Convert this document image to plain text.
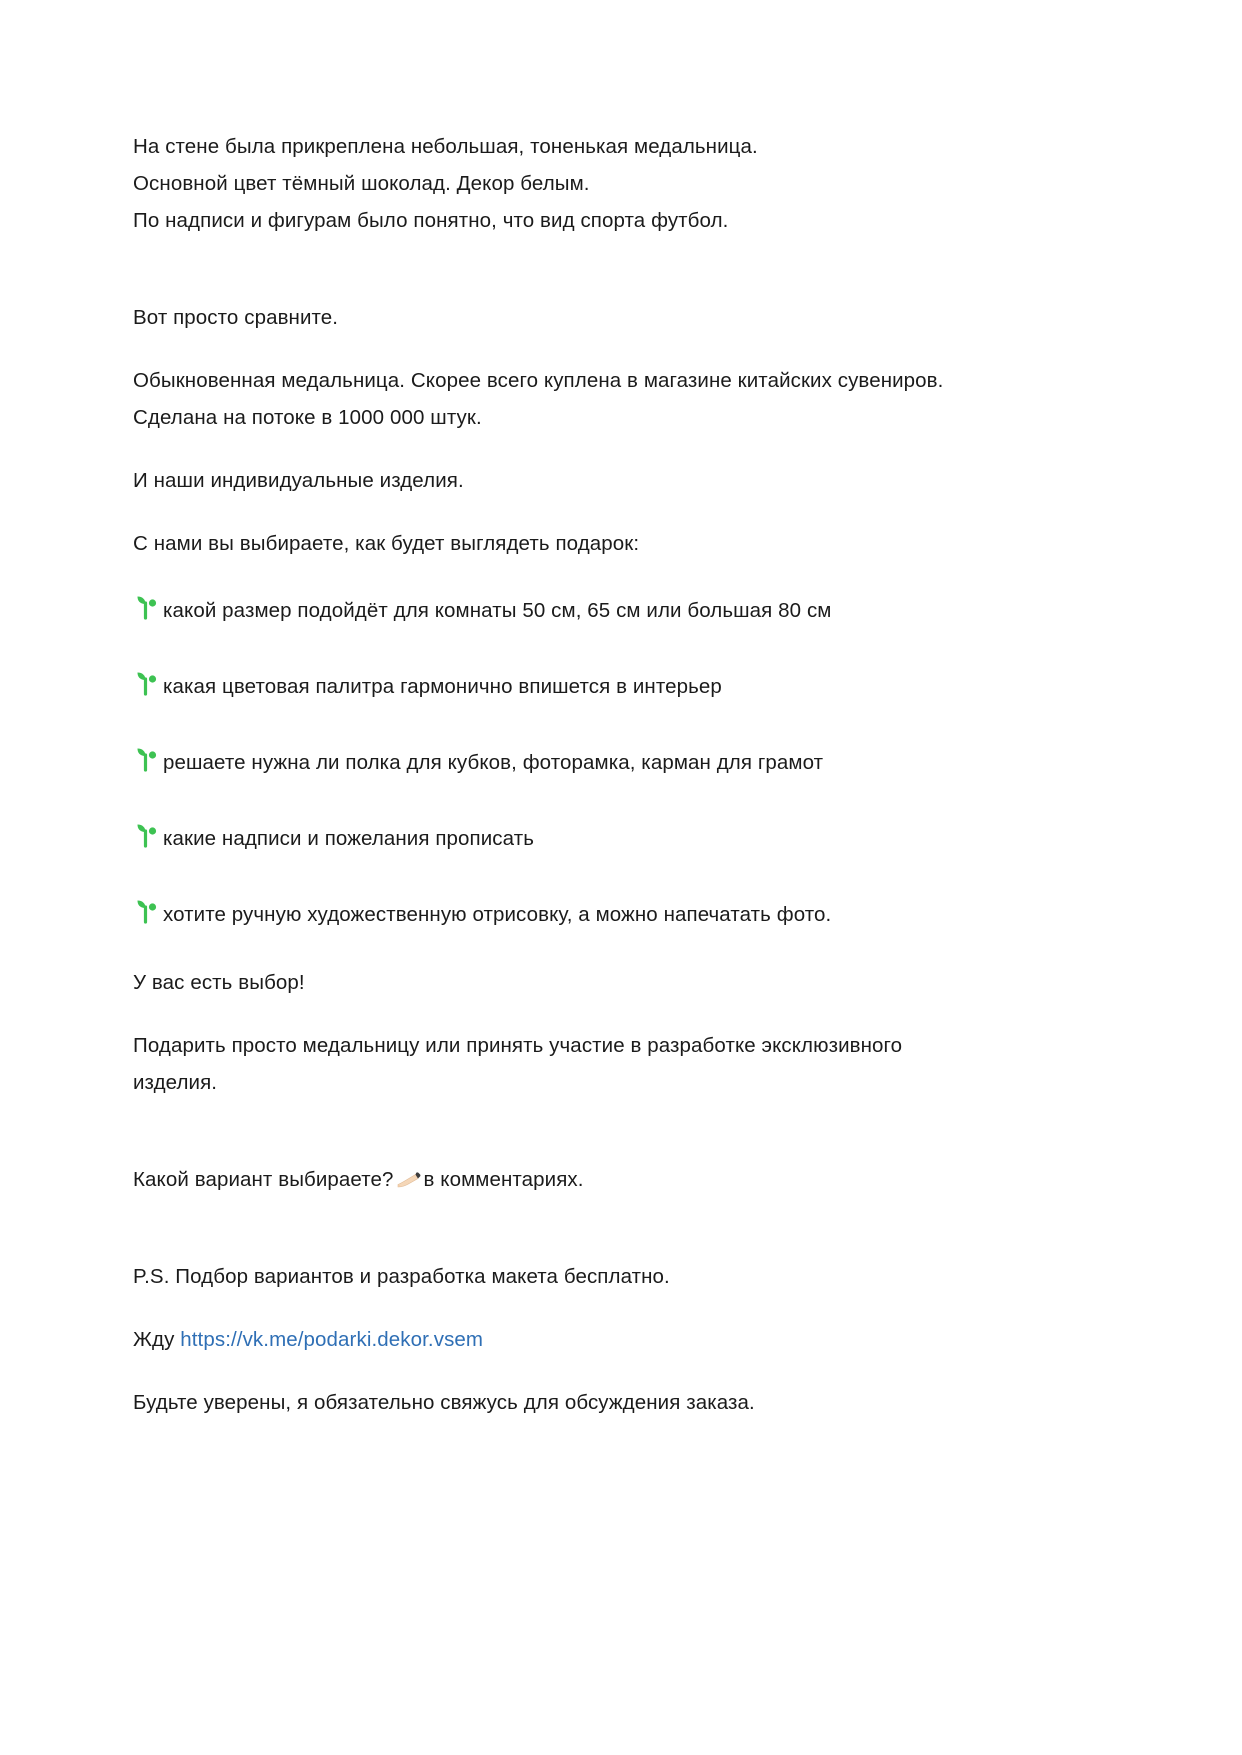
На стене была прикреплена небольшая, тоненькая медальница.

Основной цвет тёмный шоколад. Декор белым.

По надписи и фигурам было понятно, что вид спорта футбол.

Вот просто сравните.

Обыкновенная медальница. Скорее всего куплена в магазине китайских сувениров. Сделана на потоке в 1000 000 штук.

И наши индивидуальные изделия.

С нами вы выбираете, как будет выглядеть подарок:

какой размер подойдёт для комнаты 50 см, 65 см или большая 80 см
какая цветовая палитра гармонично впишется в интерьер
решаете нужна ли полка для кубков, фоторамка, карман для грамот
какие надписи и пожелания прописать
хотите ручную художественную отрисовку, а можно напечатать фото.

У вас есть выбор!

Подарить просто медальницу или принять участие в разработке эксклюзивного изделия.

Какой вариант выбираете? в комментариях.

P.S. Подбор вариантов и разработка макета бесплатно.

Жду https://vk.me/podarki.dekor.vsem

Будьте уверены, я обязательно свяжусь для обсуждения заказа.
